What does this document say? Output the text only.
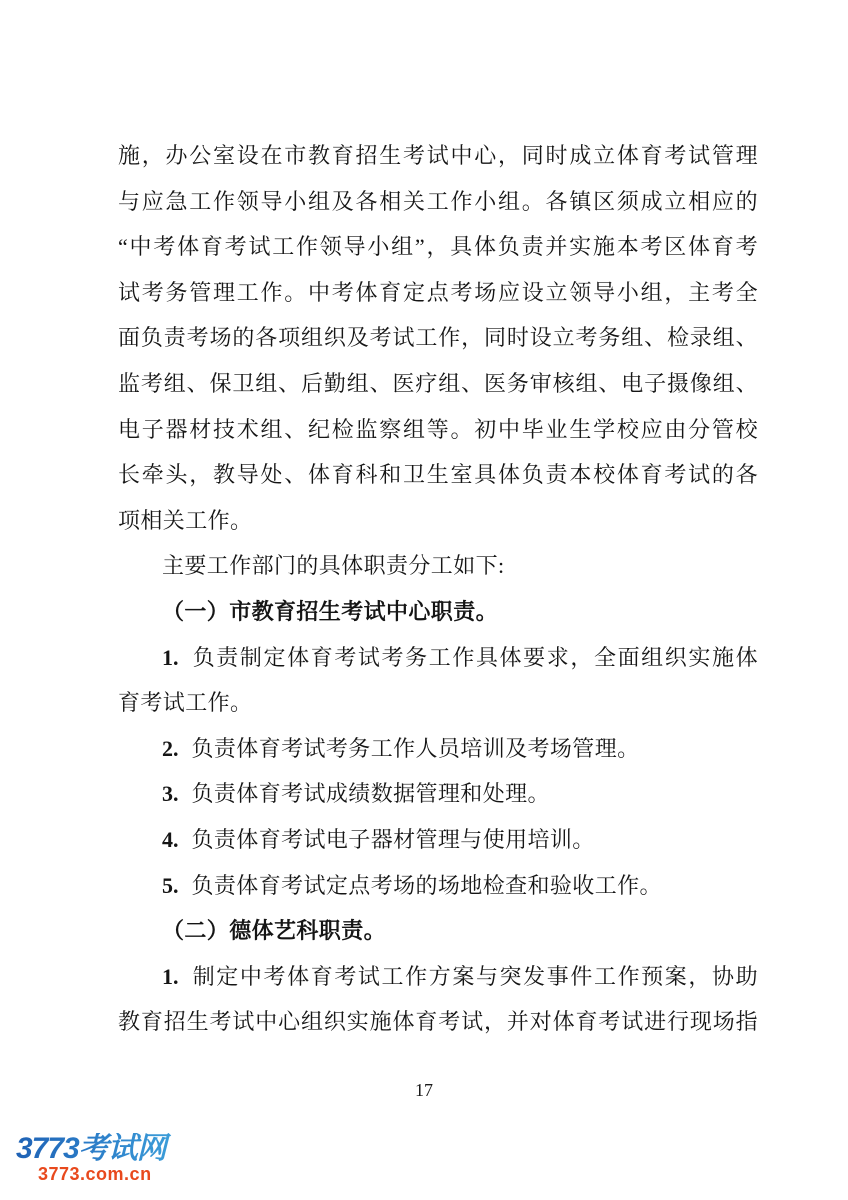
施，办公室设在市教育招生考试中心，同时成立体育考试管理
与应急工作领导小组及各相关工作小组。各镇区须成立相应的
“中考体育考试工作领导小组”，具体负责并实施本考区体育考
试考务管理工作。中考体育定点考场应设立领导小组，主考全
面负责考场的各项组织及考试工作，同时设立考务组、检录组、
监考组、保卫组、后勤组、医疗组、医务审核组、电子摄像组、
电子器材技术组、纪检监察组等。初中毕业生学校应由分管校
长牵头，教导处、体育科和卫生室具体负责本校体育考试的各
项相关工作。
主要工作部门的具体职责分工如下:
（一）市教育招生考试中心职责。
1. 负责制定体育考试考务工作具体要求，全面组织实施体
育考试工作。
2. 负责体育考试考务工作人员培训及考场管理。
3. 负责体育考试成绩数据管理和处理。
4. 负责体育考试电子器材管理与使用培训。
5. 负责体育考试定点考场的场地检查和验收工作。
（二）德体艺科职责。
1. 制定中考体育考试工作方案与突发事件工作预案，协助
教育招生考试中心组织实施体育考试，并对体育考试进行现场指
17
3773考试网
3773.com.cn
